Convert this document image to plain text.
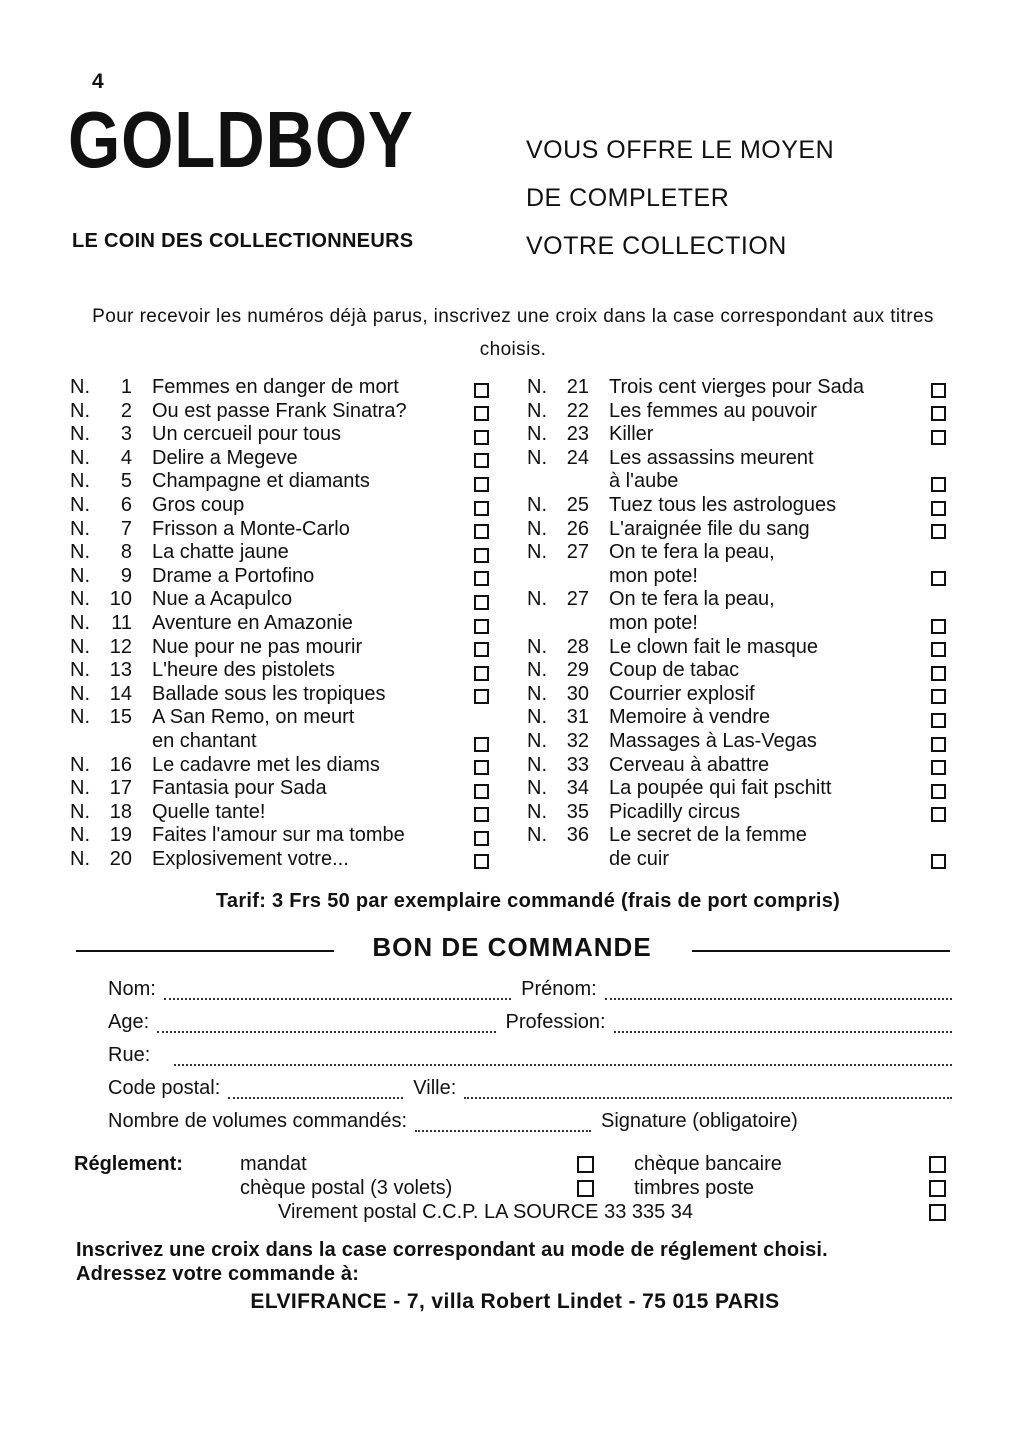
4
GOLDBOY
LE COIN DES COLLECTIONNEURS
VOUS OFFRE LE MOYEN
DE COMPLETER
VOTRE COLLECTION
Pour recevoir les numéros déjà parus, inscrivez une croix dans la case correspondant aux titres choisis.
N. 1 Femmes en danger de mort
N. 2 Ou est passe Frank Sinatra?
N. 3 Un cercueil pour tous
N. 4 Delire a Megeve
N. 5 Champagne et diamants
N. 6 Gros coup
N. 7 Frisson a Monte-Carlo
N. 8 La chatte jaune
N. 9 Drame a Portofino
N. 10 Nue a Acapulco
N. 11 Aventure en Amazonie
N. 12 Nue pour ne pas mourir
N. 13 L'heure des pistolets
N. 14 Ballade sous les tropiques
N. 15 A San Remo, on meurt
en chantant
N. 16 Le cadavre met les diams
N. 17 Fantasia pour Sada
N. 18 Quelle tante!
N. 19 Faites l'amour sur ma tombe
N. 20 Explosivement votre...
N. 21 Trois cent vierges pour Sada
N. 22 Les femmes au pouvoir
N. 23 Killer
N. 24 Les assassins meurent
à l'aube
N. 25 Tuez tous les astrologues
N. 26 L'araignée file du sang
N. 27 On te fera la peau,
mon pote!
N. 27 On te fera la peau,
mon pote!
N. 28 Le clown fait le masque
N. 29 Coup de tabac
N. 30 Courrier explosif
N. 31 Memoire à vendre
N. 32 Massages à Las-Vegas
N. 33 Cerveau à abattre
N. 34 La poupée qui fait pschitt
N. 35 Picadilly circus
N. 36 Le secret de la femme
de cuir
Tarif: 3 Frs 50 par exemplaire commandé (frais de port compris)
BON DE COMMANDE
Nom:	Prénom:
Age:	Profession:
Rue:
Code postal:	Ville:
Nombre de volumes commandés:	Signature (obligatoire)
Réglement:	mandat	chèque bancaire
chèque postal (3 volets)	timbres poste
Virement postal C.C.P. LA SOURCE 33 335 34
Inscrivez une croix dans la case correspondant au mode de réglement choisi.
Adressez votre commande à:
ELVIFRANCE - 7, villa Robert Lindet - 75 015 PARIS
